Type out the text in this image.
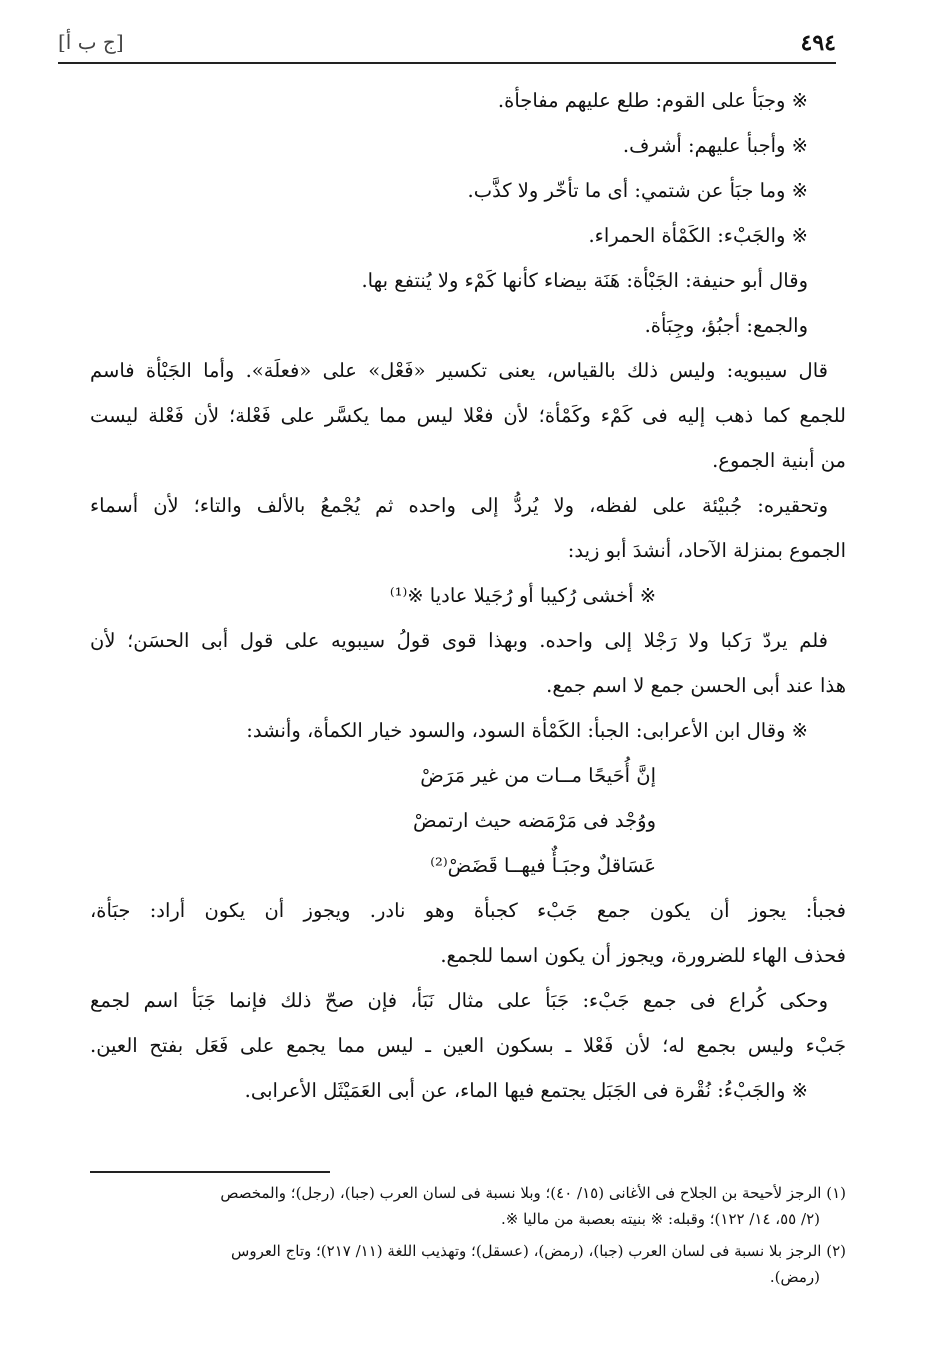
٤٩٤
[ج ب أ]
※ وجبَأ على القوم: طلع عليهم مفاجأة.
※ وأجبأ عليهم: أشرف.
※ وما جبَأ عن شتمي: أى ما تأخّر ولا كذَّب.
※ والجَبْء: الكَمْأة الحمراء.
وقال أبو حنيفة: الجَبْأة: هَنَة بيضاء كأنها كَمْء ولا يُنتفع بها.
والجمع: أجبُؤ، وجِبَأة.
قال سيبويه: وليس ذلك بالقياس، يعنى تكسير «فَعْل» على «فعلَة». وأما الجَبْأة فاسم
للجمع كما ذهب إليه فى كَمْء وكَمْأة؛ لأن فعْلا ليس مما يكسَّر على فَعْلة؛ لأن فَعْلة ليست
من أبنية الجموع.
وتحقيره: جُبيْئة على لفظه، ولا يُردُّ إلى واحده ثم يُجْمعُ بالألف والتاء؛ لأن أسماء
الجموع بمنزلة الآحاد، أنشدَ أبو زيد:
※ أخشى رُكيبا أو رُجَيلا عاديا ※⁽¹⁾
فلم يردّ رَكبا ولا رَجْلا إلى واحده. وبهذا قوى قولُ سيبويه على قول أبى الحسَن؛ لأن
هذا عند أبى الحسن جمع لا اسم جمع.
※ وقال ابن الأعرابى: الجبأ: الكَمْأة السود، والسود خيار الكمأة، وأنشد:
إنَّ أُحَيحًا مــات من غير مَرَضْ
ووُجْد فى مَرْمَضه حيث ارتمضْ
عَسَاقلٌ وجبَـأٌ فيهــا قَضَضْ⁽²⁾
فجبأ: يجوز أن يكون جمع جَبْء كجبأة وهو نادر. ويجوز أن يكون أراد: جبَأة،
فحذف الهاء للضرورة، ويجوز أن يكون اسما للجمع.
وحكى كُراع فى جمع جَبْء: جَبَأ على مثال نَبَأ، فإن صحّ ذلك فإنما جَبَأ اسم لجمع
جَبْء وليس بجمع له؛ لأن فَعْلا ـ بسكون العين ـ ليس مما يجمع على فَعَل بفتح العين.
※ والجَبْءُ: نُقْرة فى الجَبَل يجتمع فيها الماء، عن أبى العَمَيْثَل الأعرابى.
(١) الرجز لأحيحة بن الجلاح فى الأغانى (١٥/ ٤٠)؛ وبلا نسبة فى لسان العرب (جبا)، (رجل)؛ والمخصص
(٢/ ٥٥، ١٤/ ١٢٢)؛ وقبله: ※ بنيته بعصبة من ماليا ※.
(٢) الرجز بلا نسبة فى لسان العرب (جبا)، (رمض)، (عسقل)؛ وتهذيب اللغة (١١/ ٢١٧)؛ وتاج العروس
(رمض).
